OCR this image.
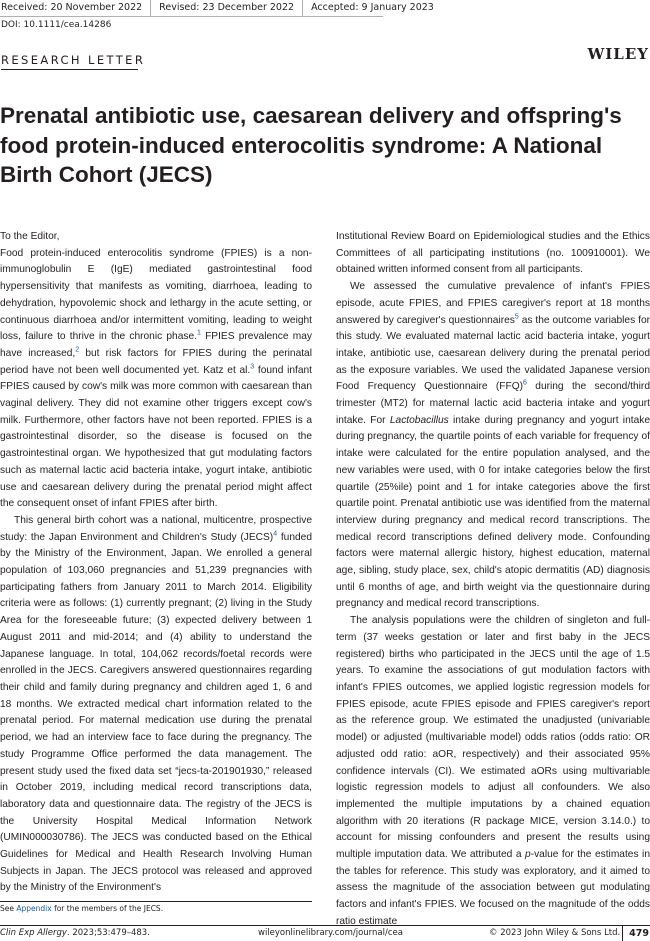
Received: 20 November 2022	Revised: 23 December 2022	Accepted: 9 January 2023
DOI: 10.1111/cea.14286
RESEARCH LETTER	WILEY
Prenatal antibiotic use, caesarean delivery and offspring's food protein-induced enterocolitis syndrome: A National Birth Cohort (JECS)

To the Editor,

Food protein-induced enterocolitis syndrome (FPIES) is a non-immunoglobulin E (IgE) mediated gastrointestinal food hypersensitivity that manifests as vomiting, diarrhoea, leading to dehydration, hypovolemic shock and lethargy in the acute setting, or continuous diarrhoea and/or intermittent vomiting, leading to weight loss, failure to thrive in the chronic phase.$^1$ FPIES prevalence may have increased,$^2$ but risk factors for FPIES during the perinatal period have not been well documented yet. Katz et al.$^3$ found infant FPIES caused by cow's milk was more common with caesarean than vaginal delivery. They did not examine other triggers except cow's milk. Furthermore, other factors have not been reported. FPIES is a gastrointestinal disorder, so the disease is focused on the gastrointestinal organ. We hypothesized that gut modulating factors such as maternal lactic acid bacteria intake, yogurt intake, antibiotic use and caesarean delivery during the prenatal period might affect the consequent onset of infant FPIES after birth.

This general birth cohort was a national, multicentre, prospective study: the Japan Environment and Children's Study (JECS)$^4$ funded by the Ministry of the Environment, Japan. We enrolled a general population of 103,060 pregnancies and 51,239 pregnancies with participating fathers from January 2011 to March 2014. Eligibility criteria were as follows: (1) currently pregnant; (2) living in the Study Area for the foreseeable future; (3) expected delivery between 1 August 2011 and mid-2014; and (4) ability to understand the Japanese language. In total, 104,062 records/foetal records were enrolled in the JECS. Caregivers answered questionnaires regarding their child and family during pregnancy and children aged 1, 6 and 18 months. We extracted medical chart information related to the prenatal period. For maternal medication use during the prenatal period, we had an interview face to face during the pregnancy. The study Programme Office performed the data management. The present study used the fixed data set “jecs-ta-201901930,” released in October 2019, including medical record transcriptions data, laboratory data and questionnaire data. The registry of the JECS is the University Hospital Medical Information Network (UMIN000030786). The JECS was conducted based on the Ethical Guidelines for Medical and Health Research Involving Human Subjects in Japan. The JECS protocol was released and approved by the Ministry of the Environment's

Institutional Review Board on Epidemiological studies and the Ethics Committees of all participating institutions (no. 100910001). We obtained written informed consent from all participants.

We assessed the cumulative prevalence of infant's FPIES episode, acute FPIES, and FPIES caregiver's report at 18 months answered by caregiver's questionnaires$^5$ as the outcome variables for this study. We evaluated maternal lactic acid bacteria intake, yogurt intake, antibiotic use, caesarean delivery during the prenatal period as the exposure variables. We used the validated Japanese version Food Frequency Questionnaire (FFQ)$^6$ during the second/third trimester (MT2) for maternal lactic acid bacteria intake and yogurt intake. For Lactobacillus intake during pregnancy and yogurt intake during pregnancy, the quartile points of each variable for frequency of intake were calculated for the entire population analysed, and the new variables were used, with 0 for intake categories below the first quartile (25%ile) point and 1 for intake categories above the first quartile point. Prenatal antibiotic use was identified from the maternal interview during pregnancy and medical record transcriptions. The medical record transcriptions defined delivery mode. Confounding factors were maternal allergic history, highest education, maternal age, sibling, study place, sex, child's atopic dermatitis (AD) diagnosis until 6 months of age, and birth weight via the questionnaire during pregnancy and medical record transcriptions.

The analysis populations were the children of singleton and full-term (37 weeks gestation or later and first baby in the JECS registered) births who participated in the JECS until the age of 1.5 years. To examine the associations of gut modulation factors with infant's FPIES outcomes, we applied logistic regression models for FPIES episode, acute FPIES episode and FPIES caregiver's report as the reference group. We estimated the unadjusted (univariable model) or adjusted (multivariable model) odds ratios (odds ratio: OR adjusted odd ratio: aOR, respectively) and their associated 95% confidence intervals (CI). We estimated aORs using multivariable logistic regression models to adjust all confounders. We also implemented the multiple imputations by a chained equation algorithm with 20 iterations (R package MICE, version 3.14.0.) to account for missing confounders and present the results using multiple imputation data. We attributed a p-value for the estimates in the tables for reference. This study was exploratory, and it aimed to assess the magnitude of the association between gut modulating factors and infant's FPIES. We focused on the magnitude of the odds ratio estimate

See Appendix for the members of the JECS.
Clin Exp Allergy. 2023;53:479–483.	wileyonlinelibrary.com/journal/cea	© 2023 John Wiley & Sons Ltd. 479
